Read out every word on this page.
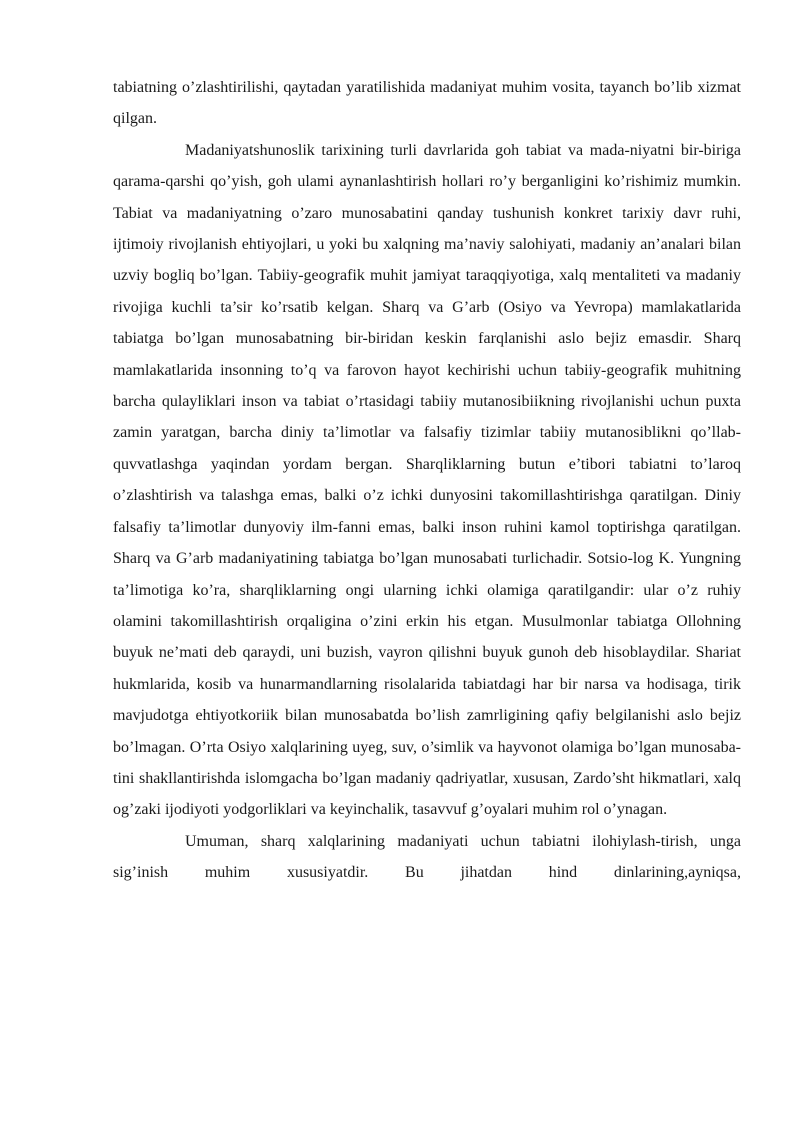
tabiatning o’zlashtirilishi, qaytadan yaratilishida madaniyat muhim vosita, tayanch bo’lib xizmat qilgan.

Madaniyatshunoslik tarixining turli davrlarida goh tabiat va mada-niyatni bir-biriga qarama-qarshi qo’yish, goh ulami aynanlashtirish hollari ro’y berganligini ko’rishimiz mumkin. Tabiat va madaniyatning o’zaro munosabatini qanday tushunish konkret tarixiy davr ruhi, ijtimoiy rivojlanish ehtiyojlari, u yoki bu xalqning ma’naviy salohiyati, madaniy an’analari bilan uzviy bogliq bo’lgan. Tabiiy-geografik muhit jamiyat taraqqiyotiga, xalq mentaliteti va madaniy rivojiga kuchli ta’sir ko’rsatib kelgan. Sharq va G’arb (Osiyo va Yevropa) mamlakatlarida tabiatga bo’lgan munosabatning bir-biridan keskin farqlanishi aslo bejiz emasdir. Sharq mamlakatlarida insonning to’q va farovon hayot kechirishi uchun tabiiy-geografik muhitning barcha qulayliklari inson va tabiat o’rtasidagi tabiiy mutanosibiikning rivojlanishi uchun puxta zamin yaratgan, barcha diniy ta’limotlar va falsafiy tizimlar tabiiy mutanosiblikni qo’llab-quvvatlashga yaqindan yordam bergan. Sharqliklarning butun e’tibori tabiatni to’laroq o’zlashtirish va talashga emas, balki o’z ichki dunyosini takomillashtirishga qaratilgan. Diniy falsafiy ta’limotlar dunyoviy ilm-fanni emas, balki inson ruhini kamol toptirishga qaratilgan. Sharq va G’arb madaniyatining tabiatga bo’lgan munosabati turlichadir. Sotsio-log K. Yungning ta’limotiga ko’ra, sharqliklarning ongi ularning ichki olamiga qaratilgandir: ular o’z ruhiy olamini takomillashtirish orqaligina o’zini erkin his etgan. Musulmonlar tabiatga Ollohning buyuk ne’mati deb qaraydi, uni buzish, vayron qilishni buyuk gunoh deb hisoblaydilar. Shariat hukmlarida, kosib va hunarmandlarning risolalarida tabiatdagi har bir narsa va hodisaga, tirik mavjudotga ehtiyotkoriik bilan munosabatda bo’lish zamrligining qafiy belgilanishi aslo bejiz bo’lmagan. O’rta Osiyo xalqlarining uyeg, suv, o’simlik va hayvonot olamiga bo’lgan munosaba-tini shakllantirishda islomgacha bo’lgan madaniy qadriyatlar, xususan, Zardo’sht hikmatlari, xalq og’zaki ijodiyoti yodgorliklari va keyinchalik, tasavvuf g’oyalari muhim rol o’ynagan.

Umuman, sharq xalqlarining madaniyati uchun tabiatni ilohiylash-tirish, unga sig’inish muhim xususiyatdir. Bu jihatdan hind dinlarining,ayniqsa,
